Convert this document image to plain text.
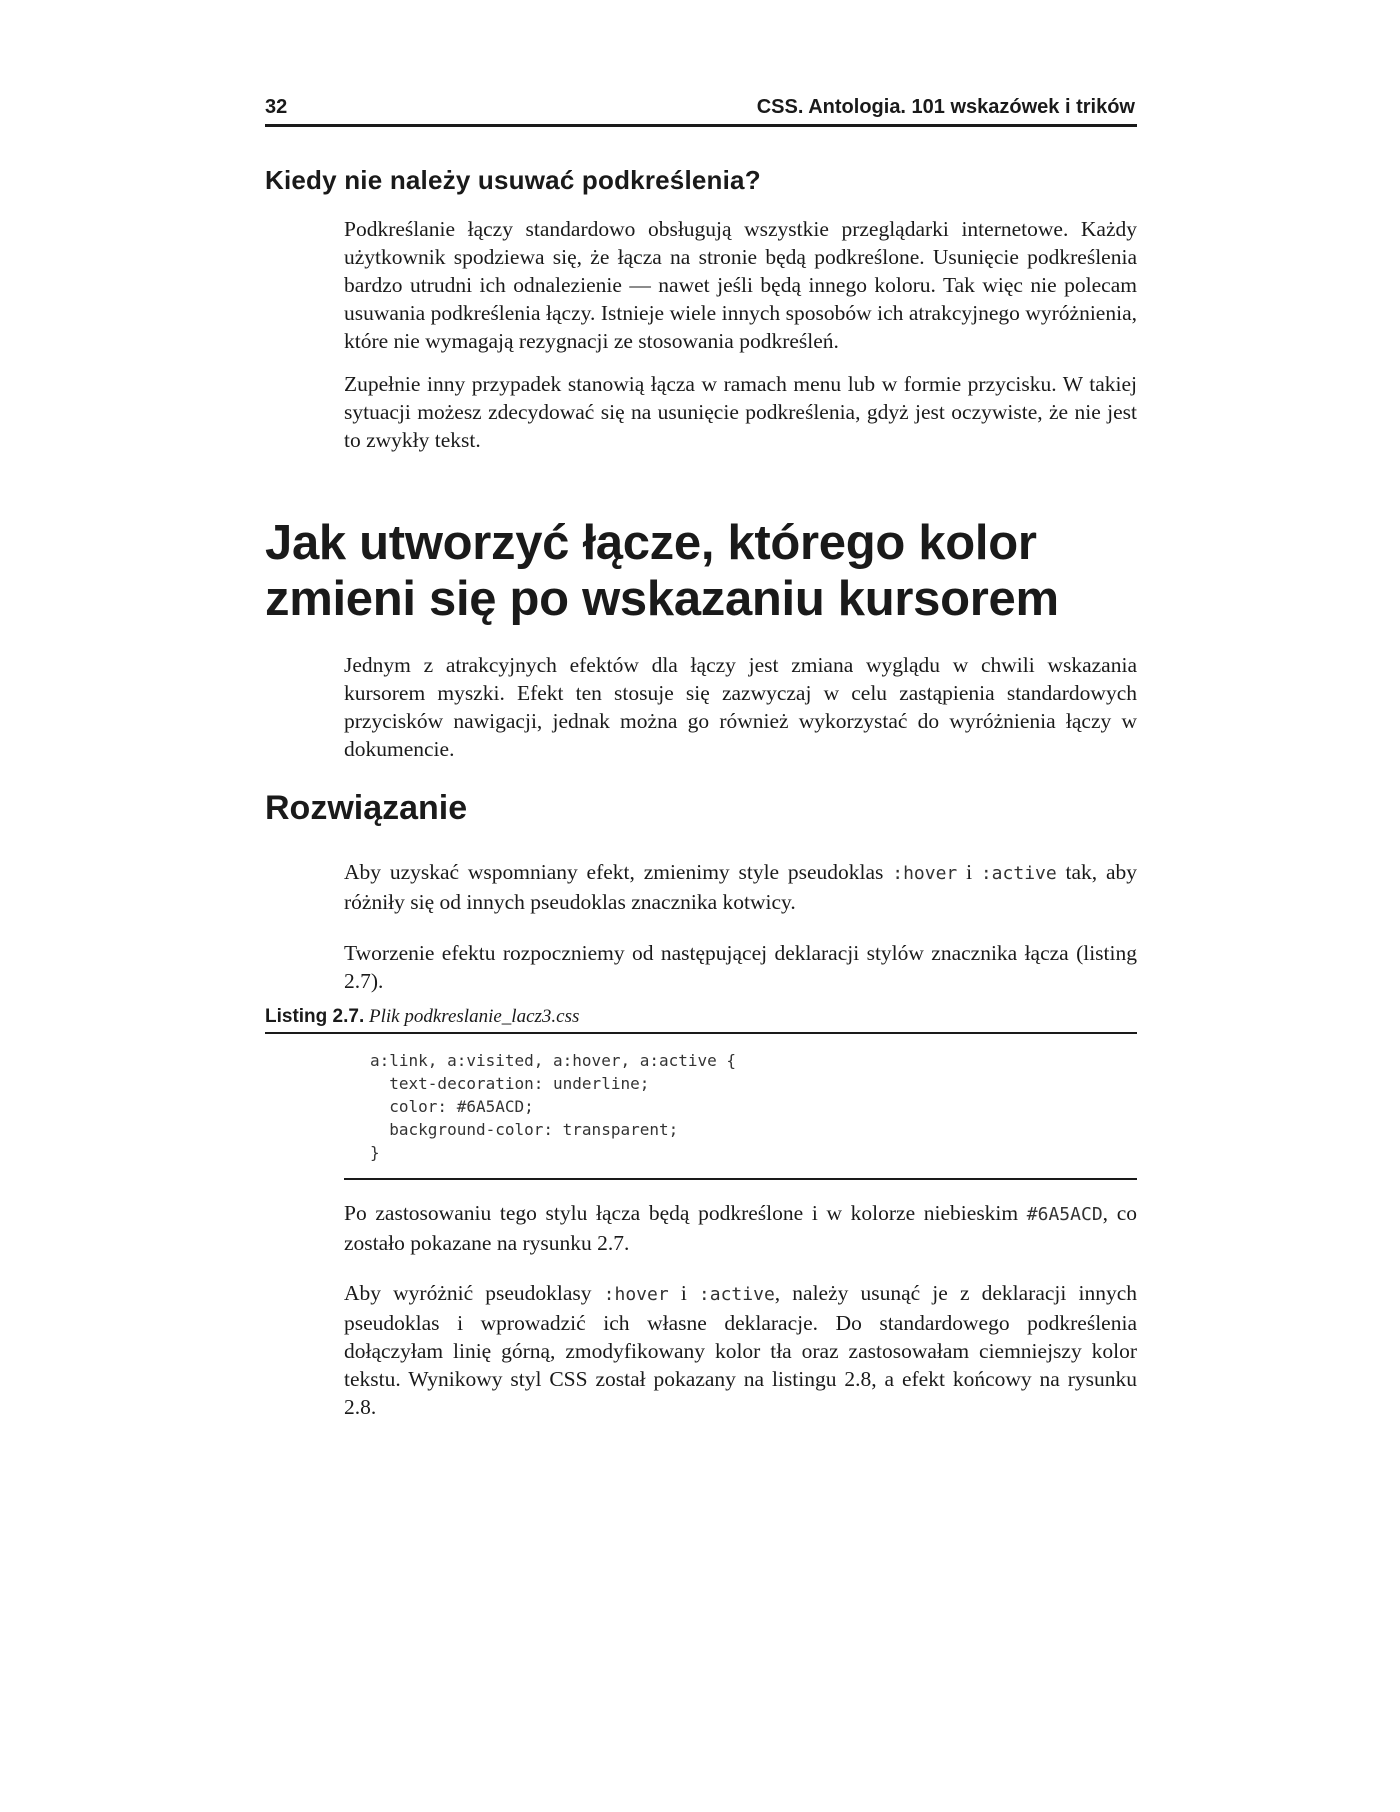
32	CSS. Antologia. 101 wskazówek i trików
Kiedy nie należy usuwać podkreślenia?

Podkreślanie łączy standardowo obsługują wszystkie przeglądarki internetowe. Każdy użytkownik spodziewa się, że łącza na stronie będą podkreślone. Usunięcie podkreślenia bardzo utrudni ich odnalezienie — nawet jeśli będą innego koloru. Tak więc nie polecam usuwania podkreślenia łączy. Istnieje wiele innych sposobów ich atrakcyjnego wyróżnienia, które nie wymagają rezygnacji ze stosowania podkreśleń.

Zupełnie inny przypadek stanowią łącza w ramach menu lub w formie przycisku. W takiej sytuacji możesz zdecydować się na usunięcie podkreślenia, gdyż jest oczywiste, że nie jest to zwykły tekst.

Jak utworzyć łącze, którego kolor
zmieni się po wskazaniu kursorem

Jednym z atrakcyjnych efektów dla łączy jest zmiana wyglądu w chwili wskazania kursorem myszki. Efekt ten stosuje się zazwyczaj w celu zastąpienia standardowych przycisków nawigacji, jednak można go również wykorzystać do wyróżnienia łączy w dokumencie.

Rozwiązanie

Aby uzyskać wspomniany efekt, zmienimy style pseudoklas :hover i :active tak, aby różniły się od innych pseudoklas znacznika kotwicy.

Tworzenie efektu rozpoczniemy od następującej deklaracji stylów znacznika łącza (listing 2.7).

Listing 2.7. Plik podkreslanie_lacz3.css

a:link, a:visited, a:hover, a:active {
text-decoration: underline;
color: #6A5ACD;
background-color: transparent;
}

Po zastosowaniu tego stylu łącza będą podkreślone i w kolorze niebieskim #6A5ACD, co zostało pokazane na rysunku 2.7.

Aby wyróżnić pseudoklasy :hover i :active, należy usunąć je z deklaracji innych pseudoklas i wprowadzić ich własne deklaracje. Do standardowego podkreślenia dołączyłam linię górną, zmodyfikowany kolor tła oraz zastosowałam ciemniejszy kolor tekstu. Wynikowy styl CSS został pokazany na listingu 2.8, a efekt końcowy na rysunku 2.8.
